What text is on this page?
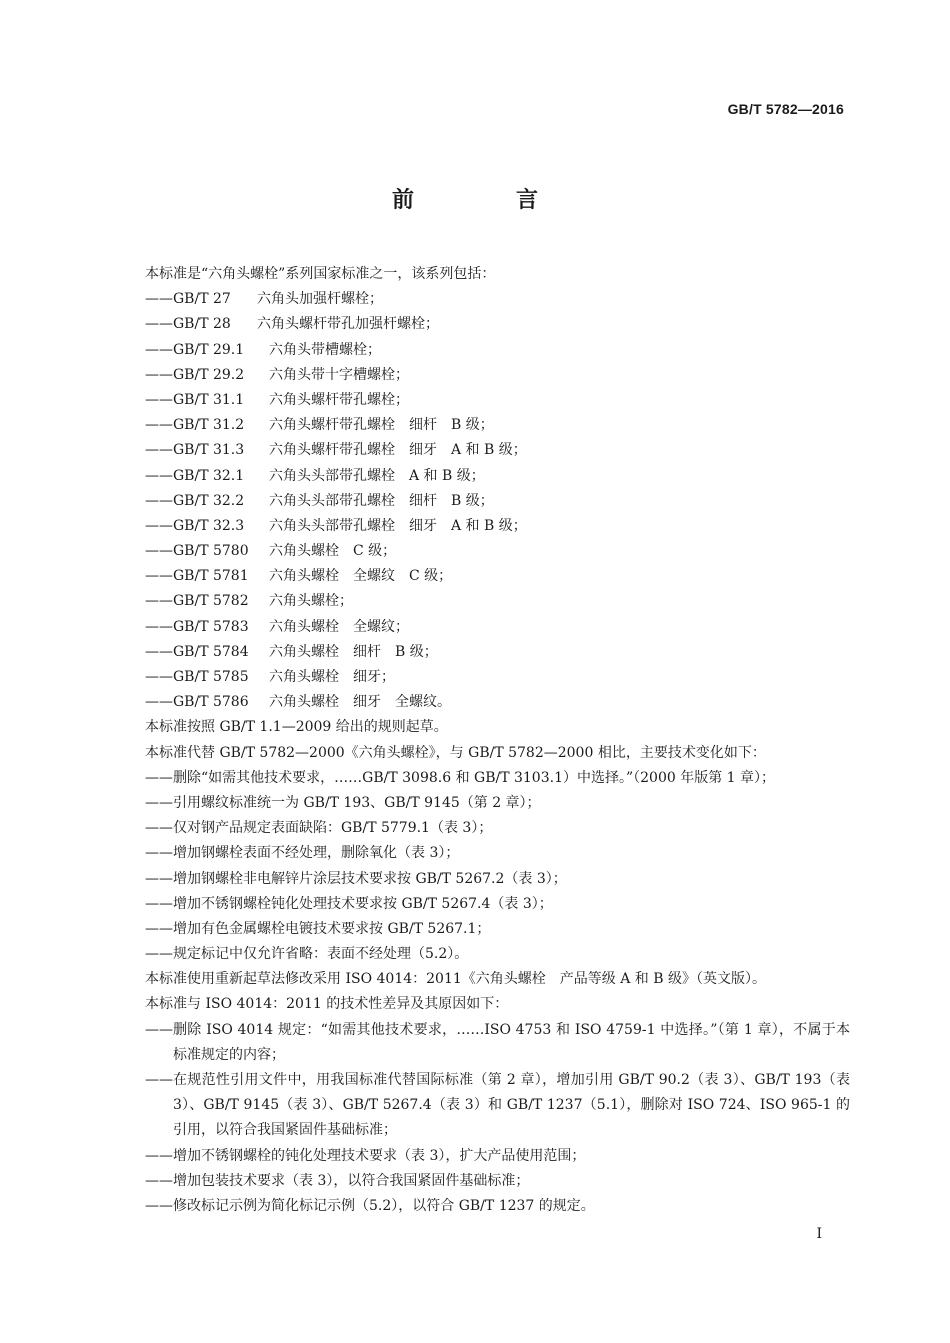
GB/T 5782—2016
前　言
本标准是“六角头螺栓”系列国家标准之一，该系列包括：
——GB/T 27 六角头加强杆螺栓；
——GB/T 28 六角头螺杆带孔加强杆螺栓；
——GB/T 29.1 六角头带槽螺栓；
——GB/T 29.2 六角头带十字槽螺栓；
——GB/T 31.1 六角头螺杆带孔螺栓；
——GB/T 31.2 六角头螺杆带孔螺栓　细杆　B 级；
——GB/T 31.3 六角头螺杆带孔螺栓　细牙　A 和 B 级；
——GB/T 32.1 六角头头部带孔螺栓　A 和 B 级；
——GB/T 32.2 六角头头部带孔螺栓　细杆　B 级；
——GB/T 32.3 六角头头部带孔螺栓　细牙　A 和 B 级；
——GB/T 5780 六角头螺栓　C 级；
——GB/T 5781 六角头螺栓　全螺纹　C 级；
——GB/T 5782 六角头螺栓；
——GB/T 5783 六角头螺栓　全螺纹；
——GB/T 5784 六角头螺栓　细杆　B 级；
——GB/T 5785 六角头螺栓　细牙；
——GB/T 5786 六角头螺栓　细牙　全螺纹。
本标准按照 GB/T 1.1—2009 给出的规则起草。
本标准代替 GB/T 5782—2000《六角头螺栓》，与 GB/T 5782—2000 相比，主要技术变化如下：
——删除“如需其他技术要求，……GB/T 3098.6 和 GB/T 3103.1）中选择。”（2000 年版第 1 章）；
——引用螺纹标准统一为 GB/T 193、GB/T 9145（第 2 章）；
——仅对钢产品规定表面缺陷：GB/T 5779.1（表 3）；
——增加钢螺栓表面不经处理，删除氧化（表 3）；
——增加钢螺栓非电解锌片涂层技术要求按 GB/T 5267.2（表 3）；
——增加不锈钢螺栓钝化处理技术要求按 GB/T 5267.4（表 3）；
——增加有色金属螺栓电镀技术要求按 GB/T 5267.1；
——规定标记中仅允许省略：表面不经处理（5.2）。
本标准使用重新起草法修改采用 ISO 4014：2011《六角头螺栓　产品等级 A 和 B 级》（英文版）。
本标准与 ISO 4014：2011 的技术性差异及其原因如下：
—— 删除 ISO 4014 规定：“如需其他技术要求，……ISO 4753 和 ISO 4759-1 中选择。”（第 1 章），不属于本标准规定的内容；
—— 在规范性引用文件中，用我国标准代替国际标准（第 2 章），增加引用 GB/T 90.2（表 3）、GB/T 193（表 3）、GB/T 9145（表 3）、GB/T 5267.4（表 3）和 GB/T 1237（5.1），删除对 ISO 724、ISO 965-1 的引用，以符合我国紧固件基础标准；
—— 增加不锈钢螺栓的钝化处理技术要求（表 3），扩大产品使用范围；
—— 增加包装技术要求（表 3），以符合我国紧固件基础标准；
—— 修改标记示例为简化标记示例（5.2），以符合 GB/T 1237 的规定。
I
